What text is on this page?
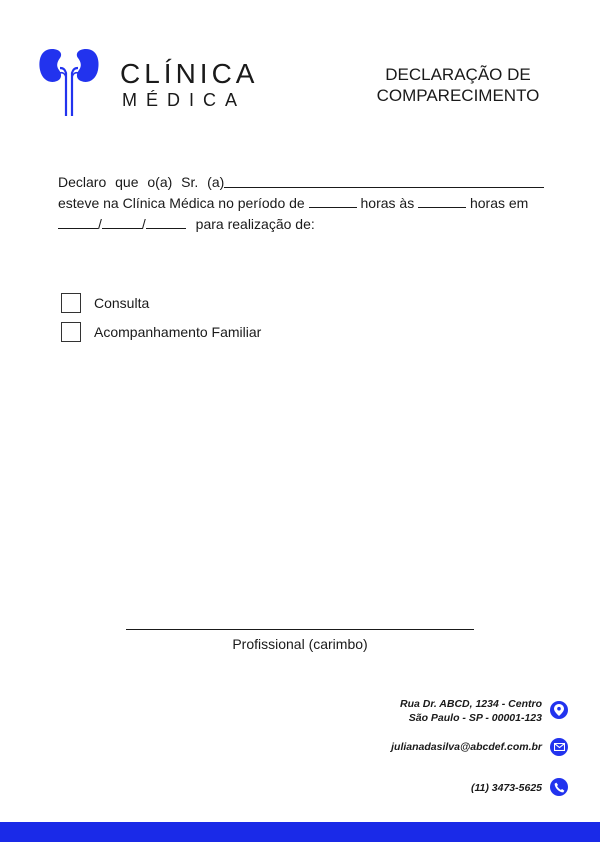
CLÍNICA
MÉDICA
DECLARAÇÃO DE
COMPARECIMENTO
Declaro que o(a) Sr. (a)
esteve na Clínica Médica no período de	horas às	horas em
/	/	para realização de:
Consulta
Acompanhamento Familiar
Profissional (carimbo)
Rua Dr. ABCD, 1234 - Centro
São Paulo - SP - 00001-123
julianadasilva@abcdef.com.br
(11) 3473-5625
